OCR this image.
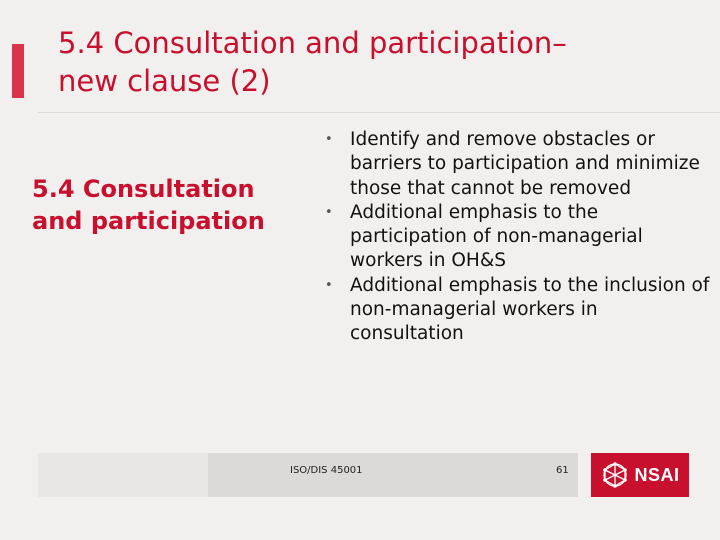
5.4 Consultation and participation–
new clause (2)
5.4 Consultation
and participation
• Identify and remove obstacles or barriers to participation and minimize those that cannot be removed
• Additional emphasis to the participation of non-managerial workers in OH&S
• Additional emphasis to the inclusion of non-managerial workers in consultation
ISO/DIS 45001	61	NSAI
